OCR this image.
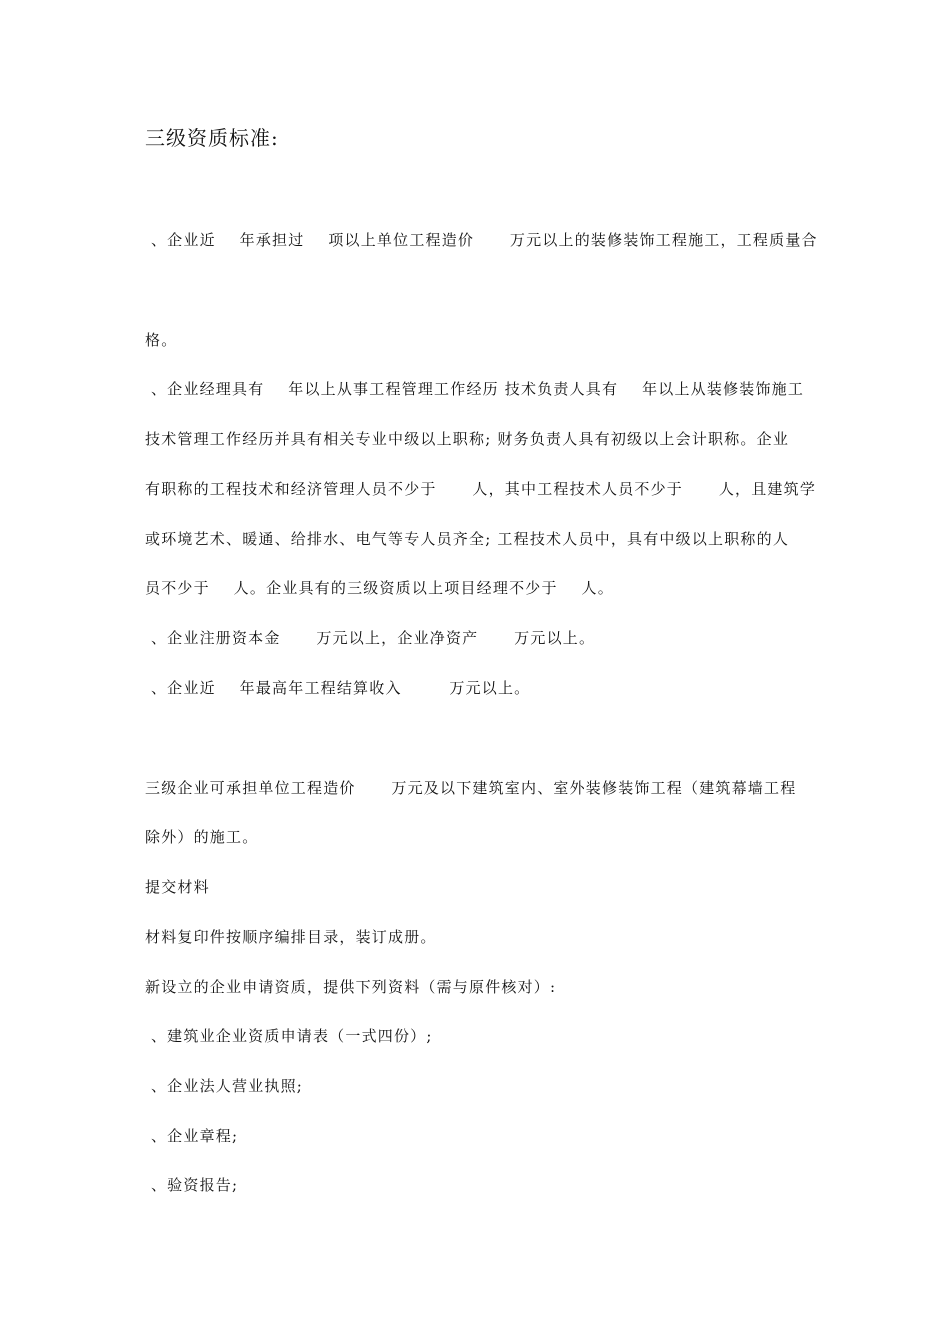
三级资质标准:
、企业近    年承担过    项以上单位工程造价      万元以上的装修装饰工程施工，工程质量合
格。
、企业经理具有    年以上从事工程管理工作经历 技术负责人具有    年以上从装修装饰施工
技术管理工作经历并具有相关专业中级以上职称; 财务负责人具有初级以上会计职称。企业
有职称的工程技术和经济管理人员不少于      人，其中工程技术人员不少于      人，且建筑学
或环境艺术、暖通、给排水、电气等专人员齐全; 工程技术人员中，具有中级以上职称的人
员不少于    人。企业具有的三级资质以上项目经理不少于    人。
、企业注册资本金      万元以上，企业净资产      万元以上。
、企业近    年最高年工程结算收入        万元以上。
三级企业可承担单位工程造价      万元及以下建筑室内、室外装修装饰工程（建筑幕墙工程
除外）的施工。
提交材料
材料复印件按顺序编排目录，装订成册。
新设立的企业申请资质，提供下列资料（需与原件核对）:
、建筑业企业资质申请表（一式四份）;
、企业法人营业执照;
、企业章程;
、验资报告;
